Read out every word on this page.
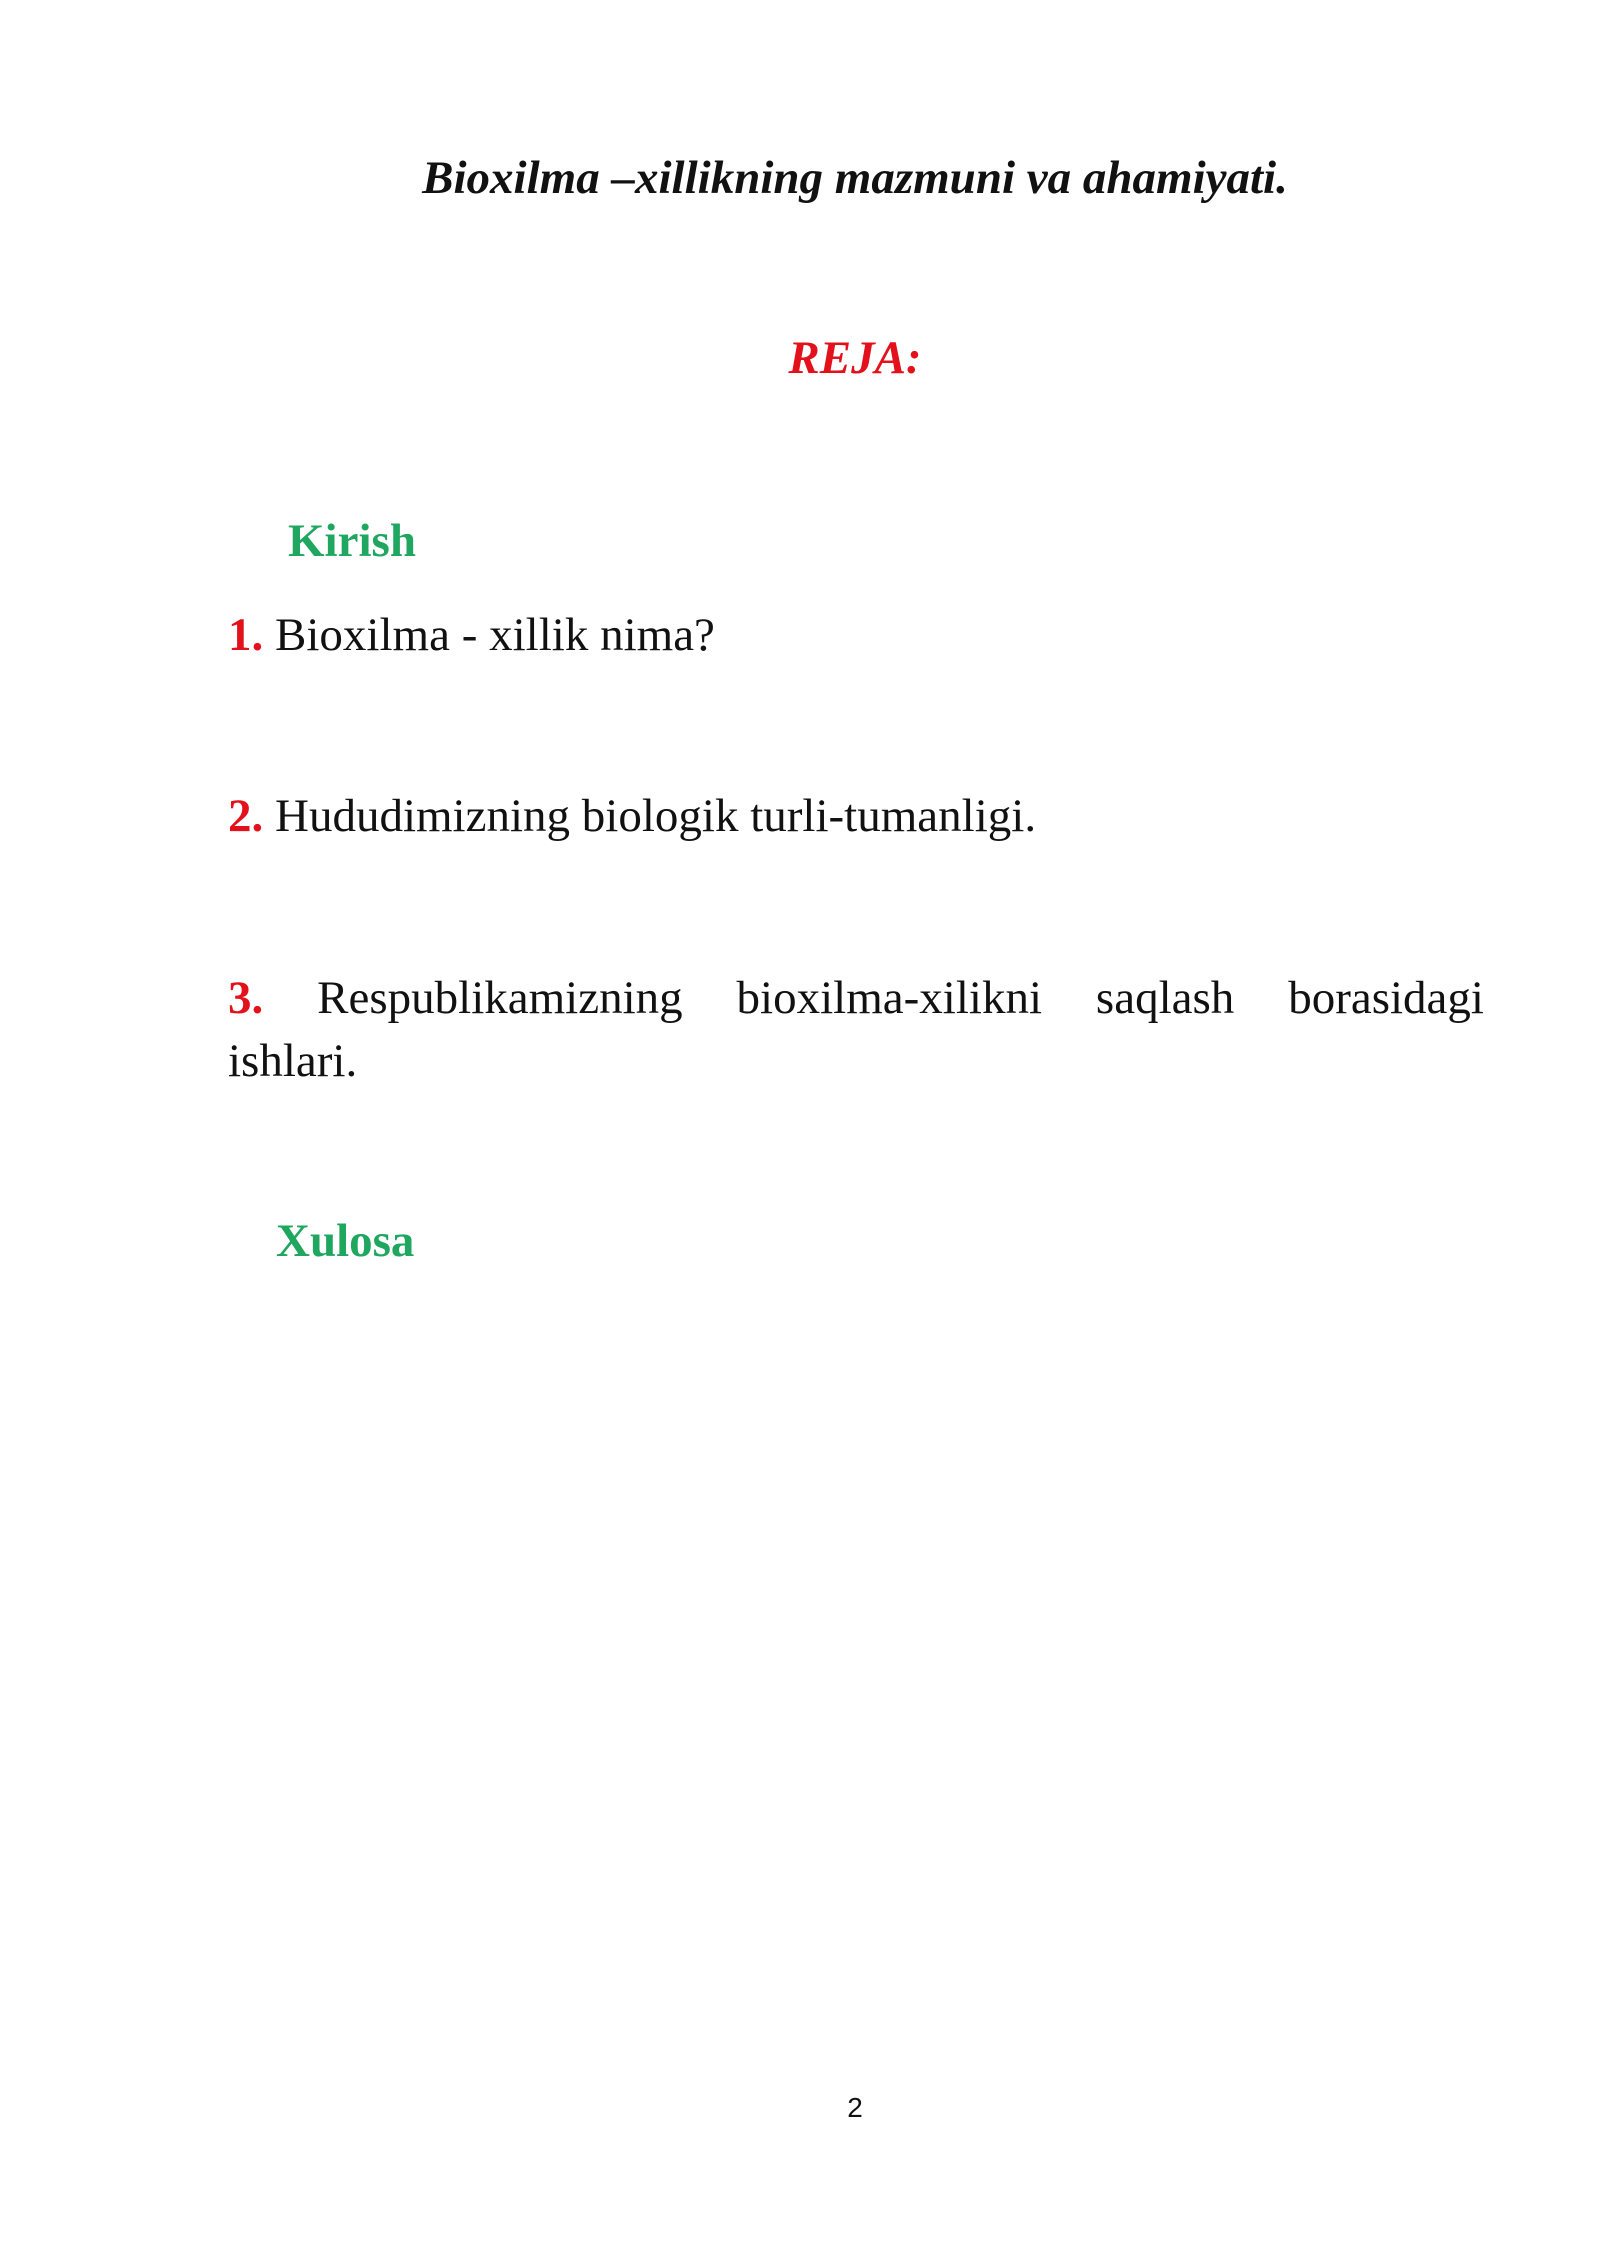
Bioxilma –xillikning mazmuni va ahamiyati.
REJA:
Kirish
1. Bioxilma - xillik nima?
2. Hududimizning biologik turli-tumanligi.
3. Respublikamizning bioxilma-xilikni saqlash borasidagi
ishlari.
Xulosa
2
